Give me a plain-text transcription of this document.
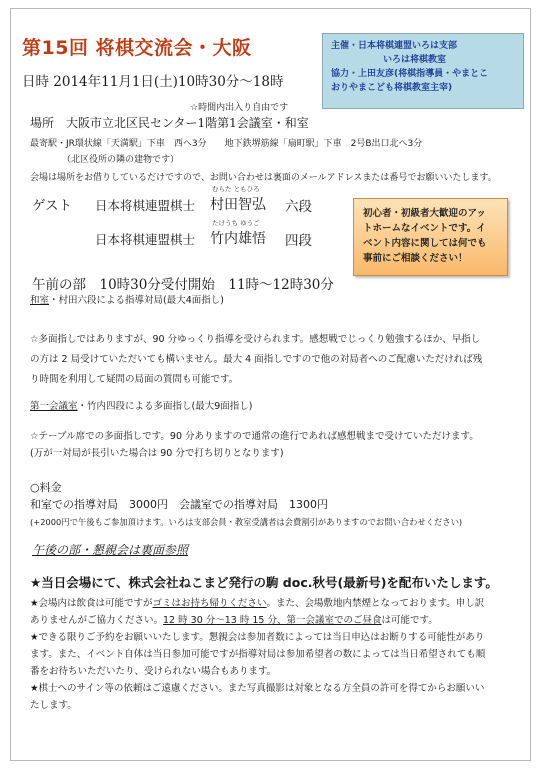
第15回 将棋交流会・大阪	主催・日本将棋連盟いろは支部
いろは将棋教室
協力・上田友彦(将棋指導員・やまとこ
おりやまこども将棋教室主宰)
日時 2014年11月1日(土)10時30分～18時
☆時間内出入り自由です
場所　大阪市立北区民センター1階第1会議室・和室
最寄駅・JR環状線「天満駅」下車　西へ3分　　地下鉄堺筋線「扇町駅」下車　2号B出口北へ3分
（北区役所の隣の建物です）
会場は場所をお借りしているだけですので、お問い合わせは裏面のメールアドレスまたは番号でお願いいたします。
ゲスト 日本将棋連盟棋士
むらた ともひろ
村田智弘 六段
日本将棋連盟棋士
たけうち ゆうご
竹内雄悟 四段
初心者・初級者大歓迎のアッ
トホームなイベントです。イ
ベント内容に関しては何でも
事前にご相談ください！
午前の部　10時30分受付開始　11時〜12時30分
和室・村田六段による指導対局(最大4面指し)
☆多面指しではありますが、90 分ゆっくり指導を受けられます。感想戦でじっくり勉強するほか、早指し
の方は 2 局受けていただいても構いません。最大 4 面指しですので他の対局者へのご配慮いただければ残
り時間を利用して疑問の局面の質問も可能です。
第一会議室・竹内四段による多面指し(最大9面指し)
☆テーブル席での多面指しです。90 分ありますので通常の進行であれば感想戦まで受けていただけます。
(万が一対局が長引いた場合は 90 分で打ち切りとなります)
○料金
和室での指導対局　3000円　会議室での指導対局　1300円
(+2000円で午後もご参加頂けます。いろは支部会員・教室受講者は会費割引がありますのでお問い合わせください)
午後の部・懇親会は裏面参照
★当日会場にて、株式会社ねこまど発行の駒 doc.秋号(最新号)を配布いたします。
★会場内は飲食は可能ですがゴミはお持ち帰りください。また、会場敷地内禁煙となっております。申し訳
ありませんがご協力ください。12 時 30 分〜13 時 15 分、第一会議室でのご昼食は可能です。
★できる限りご予約をお願いいたします。懇親会は参加者数によっては当日申込はお断りする可能性があり
ます。また、イベント自体は当日参加可能ですが指導対局は参加希望者の数によっては当日希望されても順
番をお待ちいただいたり、受けられない場合もあります。
★棋士へのサイン等の依頼はご遠慮ください。また写真撮影は対象となる方全員の許可を得てからお願いい
たします。
